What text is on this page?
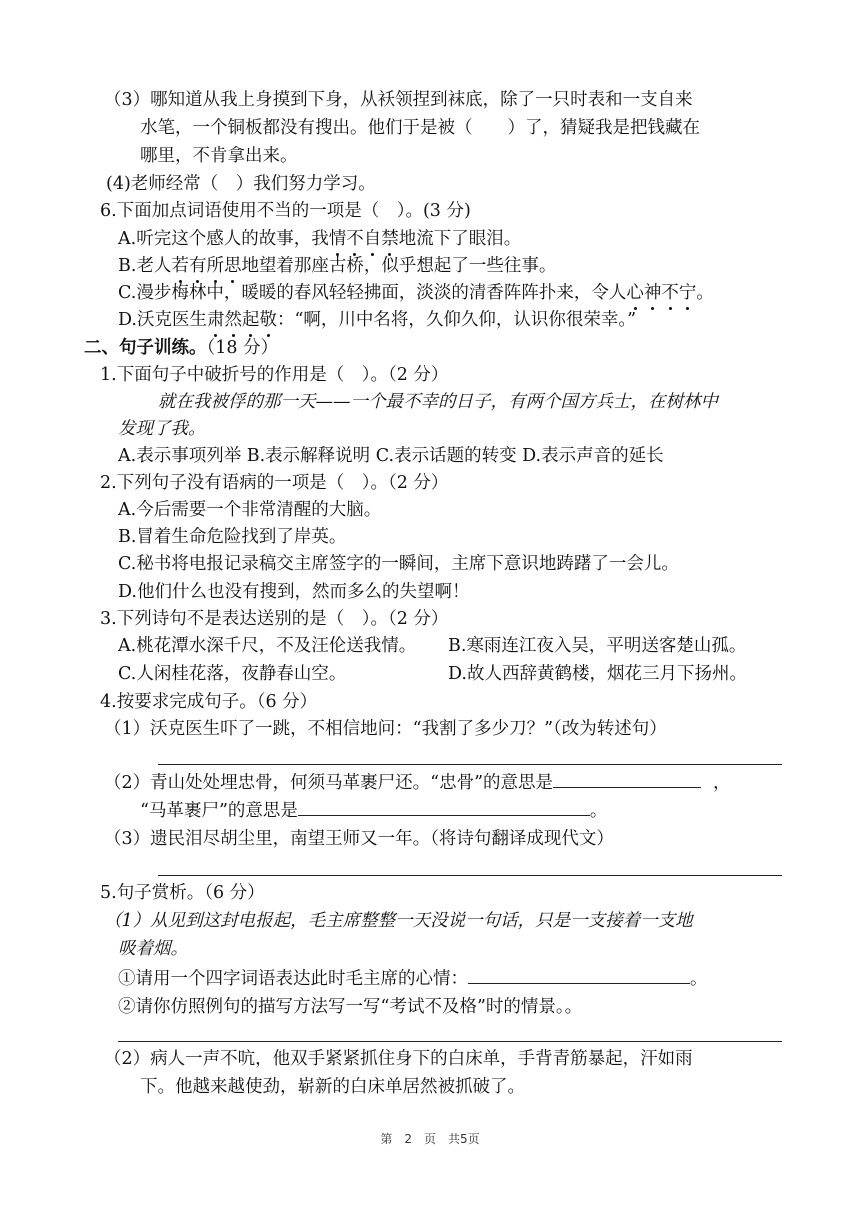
（3）哪知道从我上身摸到下身，从袄领捏到袜底，除了一只时表和一支自来
水笔，一个铜板都没有搜出。他们于是被（　　）了，猜疑我是把钱藏在
哪里，不肯拿出来。
(4)老师经常（　）我们努力学习。
6.下面加点词语使用不当的一项是（　）。(3 分)
A.听完这个感人的故事，我情不自禁地流下了眼泪。
B.老人若有所思地望着那座古桥，似乎想起了一些往事。
C.漫步梅林中，暖暖的春风轻轻拂面，淡淡的清香阵阵扑来，令人心神不宁。
D.沃克医生肃然起敬：“啊，川中名将，久仰久仰，认识你很荣幸。”
二、句子训练。（18 分）
1.下面句子中破折号的作用是（　）。（2 分）
就在我被俘的那一天——一个最不幸的日子，有两个国方兵士，在树林中
发现了我。
A.表示事项列举 B.表示解释说明 C.表示话题的转变 D.表示声音的延长
2.下列句子没有语病的一项是（　）。（2 分）
A.今后需要一个非常清醒的大脑。
B.冒着生命危险找到了岸英。
C.秘书将电报记录稿交主席签字的一瞬间，主席下意识地踌躇了一会儿。
D.他们什么也没有搜到，然而多么的失望啊！
3.下列诗句不是表达送别的是（　）。（2 分）
A.桃花潭水深千尺，不及汪伦送我情。 B.寒雨连江夜入吴，平明送客楚山孤。
C.人闲桂花落，夜静春山空。	D.故人西辞黄鹤楼，烟花三月下扬州。
4.按要求完成句子。（6 分）
（1）沃克医生吓了一跳，不相信地问：“我割了多少刀？”（改为转述句）
（2）青山处处埋忠骨，何须马革裹尸还。“忠骨”的意思是	，
“马革裹尸”的意思是	。
（3）遗民泪尽胡尘里，南望王师又一年。（将诗句翻译成现代文）
5.句子赏析。（6 分）
（1）从见到这封电报起，毛主席整整一天没说一句话，只是一支接着一支地
吸着烟。
①请用一个四字词语表达此时毛主席的心情：	。
②请你仿照例句的描写方法写一写“考试不及格”时的情景。。
（2）病人一声不吭，他双手紧紧抓住身下的白床单，手背青筋暴起，汗如雨
下。他越来越使劲，崭新的白床单居然被抓破了。
第 2 页 共5页
